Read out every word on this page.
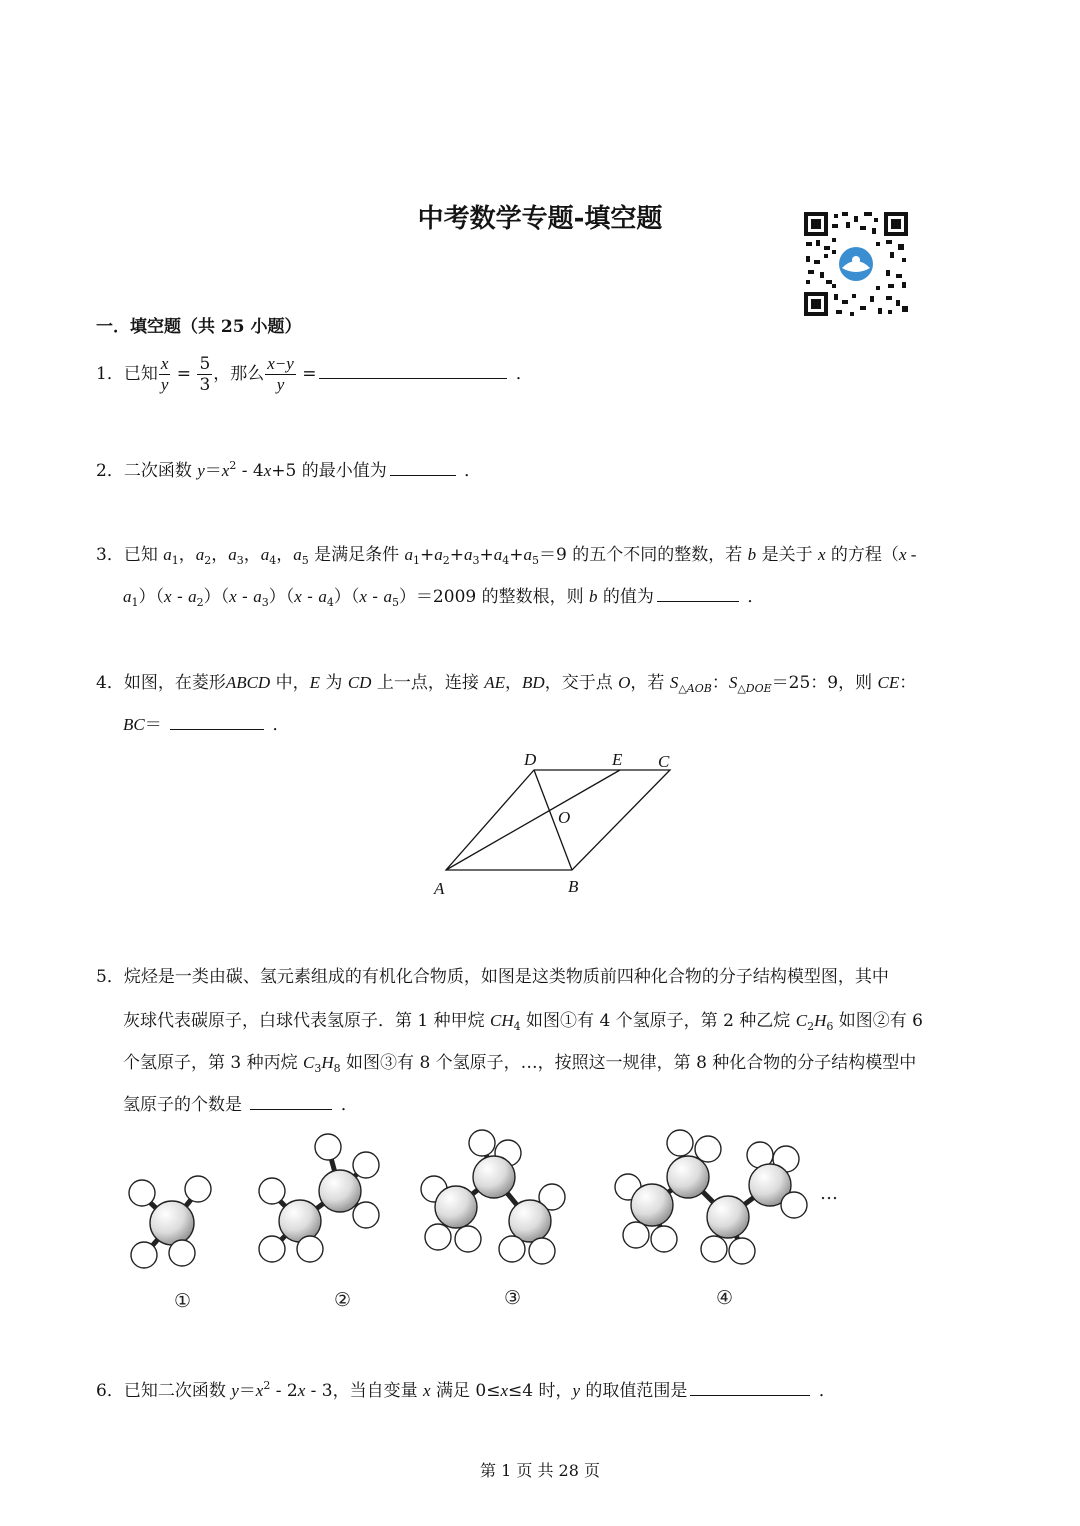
中考数学专题-填空题
一．填空题（共 25 小题）
1．已知 $\frac{x}{y} = \frac{5}{3}$ ，那么 $\frac{x-y}{y}$ =	．
2．二次函数 $y=x^2 - 4x+5$ 的最小值为	．
3．已知 $a_1$，$a_2$，$a_3$，$a_4$，$a_5$ 是满足条件 $a_1+a_2+a_3+a_4+a_5=9$ 的五个不同的整数，若 b 是关于 x 的方程（x -
$a_1)(x - a_2)(x - a_3)(x - a_4)(x - a_5)=2009$ 的整数根，则 b 的值为	．
4．如图，在菱形ABCD 中，E 为 CD 上一点，连接 AE，BD，交于点 O，若 $S_{\triangle AOB}$：$S_{\triangle DOE}=25$：9，则 CE：
BC＝	．
D	E C
O
A	B
5．烷烃是一类由碳、氢元素组成的有机化合物质，如图是这类物质前四种化合物的分子结构模型图，其中
灰球代表碳原子，白球代表氢原子．第 1 种甲烷 $CH_4$ 如图①有 4 个氢原子，第 2 种乙烷 $C_2H_6$ 如图②有 6
个氢原子，第 3 种丙烷 $C_3H_8$ 如图③有 8 个氢原子，…，按照这一规律，第 8 种化合物的分子结构模型中
氢原子的个数是	．
…
①	②	③	④
6．已知二次函数 $y=x^2 - 2x - 3$，当自变量 x 满足 0≤x≤4 时，y 的取值范围是	．
第 1 页 共 28 页
